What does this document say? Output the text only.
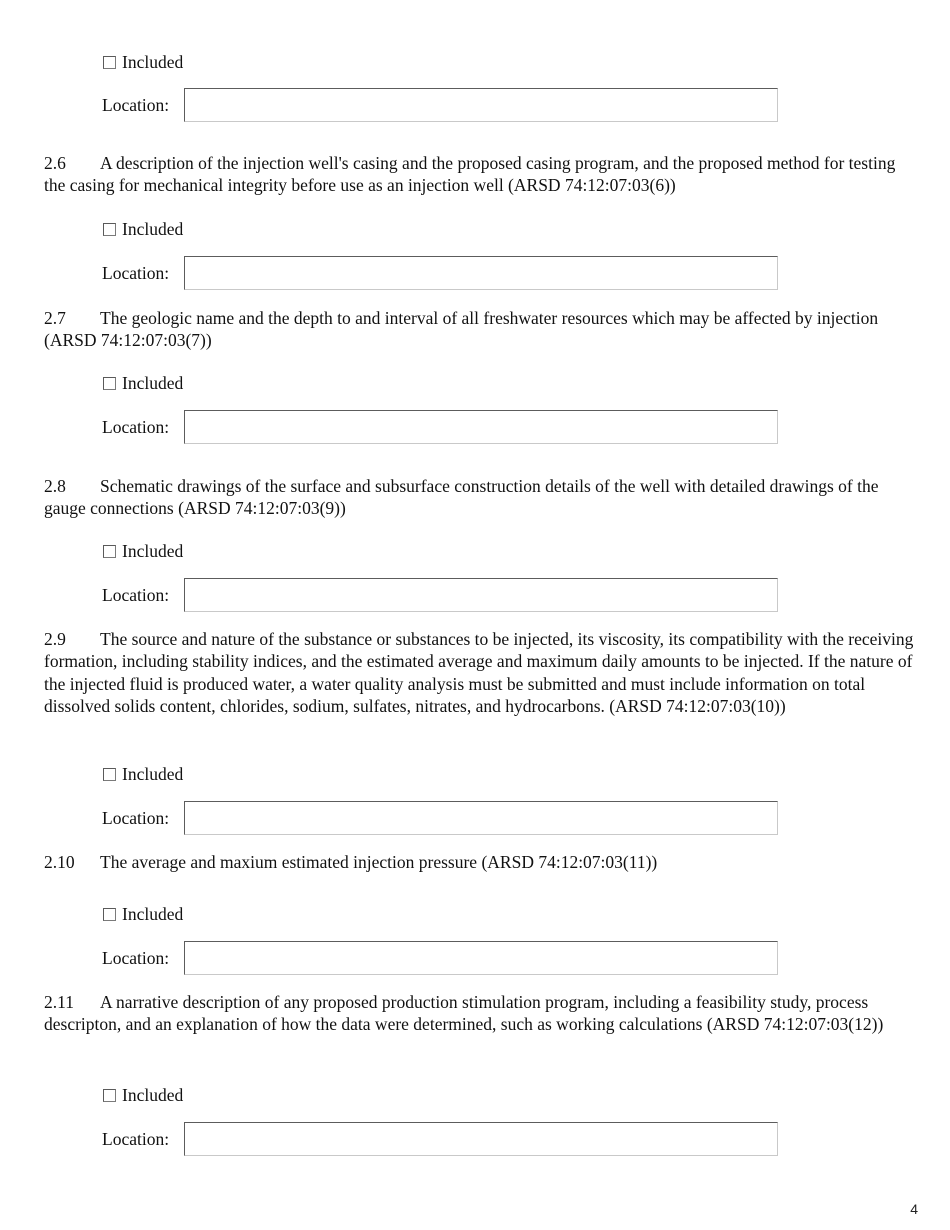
Included
Location:

2.6 A description of the injection well's casing and the proposed casing program, and the proposed method for testing the casing for mechanical integrity before use as an injection well (ARSD 74:12:07:03(6))

Included
Location:

2.7 The geologic name and the depth to and interval of all freshwater resources which may be affected by injection (ARSD 74:12:07:03(7))

Included
Location:

2.8 Schematic drawings of the surface and subsurface construction details of the well with detailed drawings of the gauge connections (ARSD 74:12:07:03(9))

Included
Location:

2.9 The source and nature of the substance or substances to be injected, its viscosity, its compatibility with the receiving formation, including stability indices, and the estimated average and maximum daily amounts to be injected. If the nature of the injected fluid is produced water, a water quality analysis must be submitted and must include information on total dissolved solids content, chlorides, sodium, sulfates, nitrates, and hydrocarbons. (ARSD 74:12:07:03(10))

Included
Location:

2.10 The average and maxium estimated injection pressure (ARSD 74:12:07:03(11))

Included
Location:

2.11 A narrative description of any proposed production stimulation program, including a feasibility study, process descripton, and an explanation of how the data were determined, such as working calculations (ARSD 74:12:07:03(12))

Included
Location:
4
